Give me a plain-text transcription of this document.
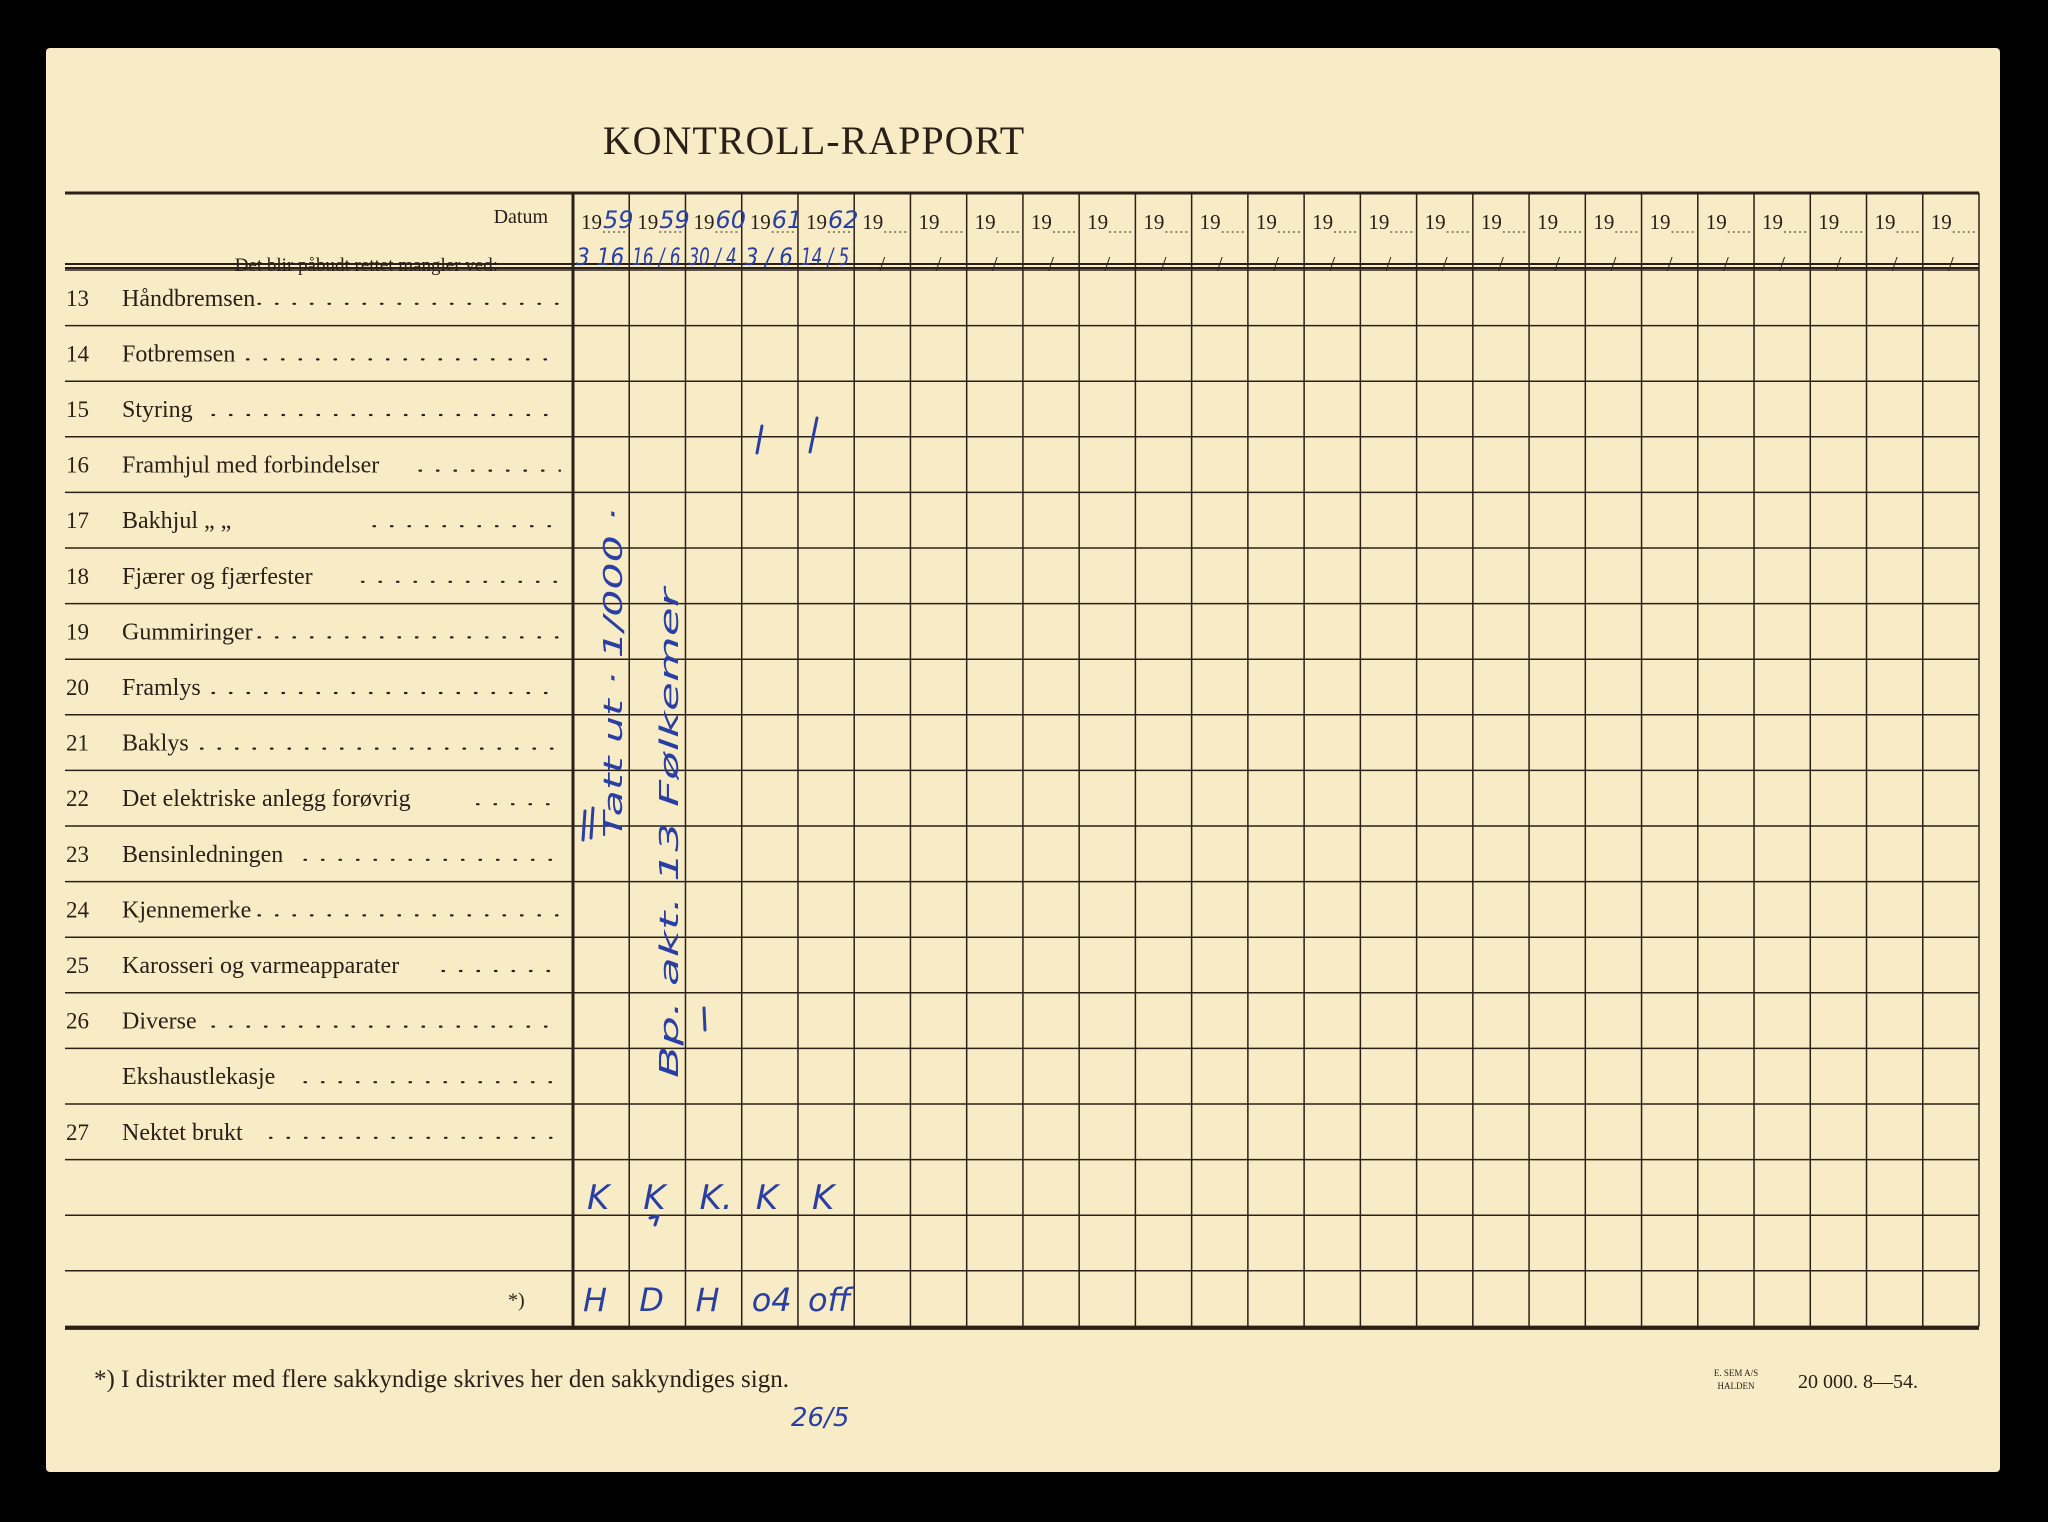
KONTROLL-RAPPORT
Datum
Det blir påbudt rettet mangler ved:
19 19 19 19 19 19
/
19
/
19
/
19
/
19
/
19
/
19
/
19
/
19
/
19
/
19
/
19
/
19
/
19
/
19
/
19
/
19
/
19
/
19
/
19
/
13 Håndbremsen
14 Fotbremsen
15 Styring
16 Framhjul med forbindelser
17 Bakhjul „ „
18 Fjærer og fjærfester
19 Gummiringer
20 Framlys
21 Baklys
22 Det elektriske anlegg forøvrig
23 Bensinledningen
24 Kjennemerke
25 Karosseri og varmeapparater
26 Diverse
Ekshaustlekasje
27 Nektet brukt
*)
*) I distrikter med flere sakkyndige skrives her den sakkyndiges sign.	E. SEM A/S
HALDEN 20 000. 8—54.
59 59 60 61 62
3 16 16 / 6 30 / 4 3 / 6 14 / 5
Tatt ut · 1/000 ·
Bp. akt. 13 Følkemer
K K K. K K
H D H o4 off
26/5
